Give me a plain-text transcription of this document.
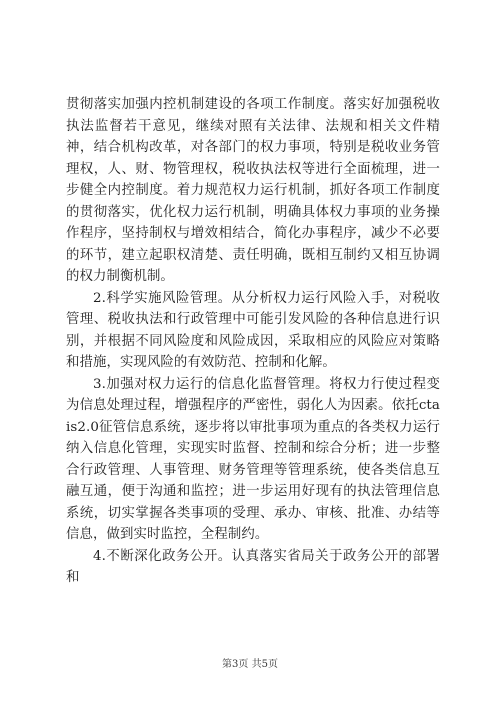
贯彻落实加强内控机制建设的各项工作制度。落实好加强税收执法监督若干意见，继续对照有关法律、法规和相关文件精神，结合机构改革，对各部门的权力事项，特别是税收业务管理权，人、财、物管理权，税收执法权等进行全面梳理，进一步健全内控制度。着力规范权力运行机制，抓好各项工作制度的贯彻落实，优化权力运行机制，明确具体权力事项的业务操作程序，坚持制权与增效相结合，简化办事程序，减少不必要的环节，建立起职权清楚、责任明确，既相互制约又相互协调的权力制衡机制。

2.科学实施风险管理。从分析权力运行风险入手，对税收管理、税收执法和行政管理中可能引发风险的各种信息进行识别，并根据不同风险度和风险成因，采取相应的风险应对策略和措施，实现风险的有效防范、控制和化解。

3.加强对权力运行的信息化监督管理。将权力行使过程变为信息处理过程，增强程序的严密性，弱化人为因素。依托ctais2.0征管信息系统，逐步将以审批事项为重点的各类权力运行纳入信息化管理，实现实时监督、控制和综合分析；进一步整合行政管理、人事管理、财务管理等管理系统，使各类信息互融互通，便于沟通和监控；进一步运用好现有的执法管理信息系统，切实掌握各类事项的受理、承办、审核、批准、办结等信息，做到实时监控，全程制约。

4.不断深化政务公开。认真落实省局关于政务公开的部署和

第3页 共5页
